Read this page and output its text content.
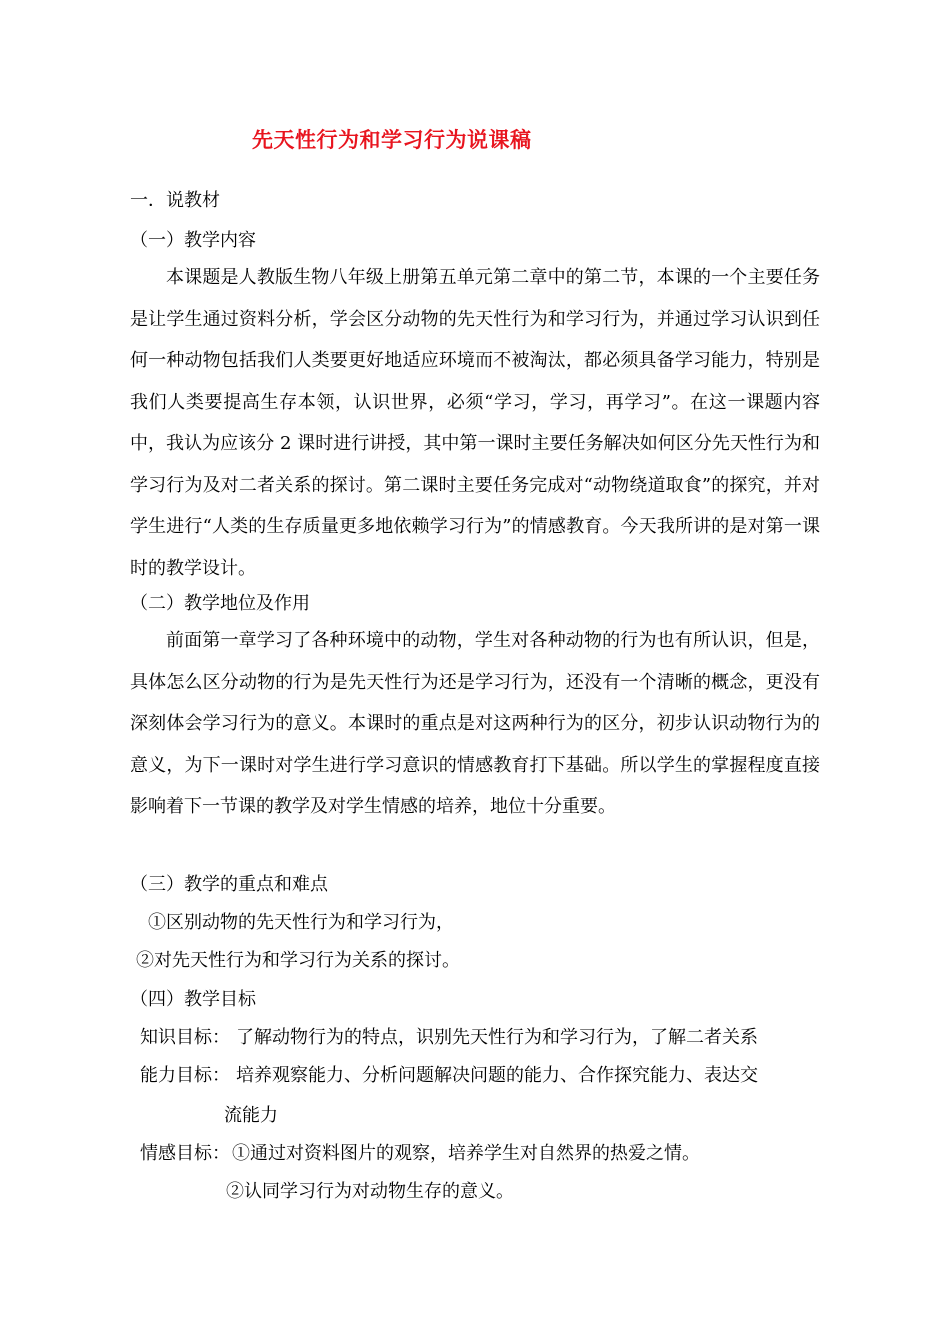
先天性行为和学习行为说课稿
一．说教材
（一）教学内容
本课题是人教版生物八年级上册第五单元第二章中的第二节，本课的一个主要任务是让学生通过资料分析，学会区分动物的先天性行为和学习行为，并通过学习认识到任何一种动物包括我们人类要更好地适应环境而不被淘汰，都必须具备学习能力，特别是我们人类要提高生存本领，认识世界，必须“学习，学习，再学习”。在这一课题内容中，我认为应该分 2 课时进行讲授，其中第一课时主要任务解决如何区分先天性行为和学习行为及对二者关系的探讨。第二课时主要任务完成对“动物绕道取食”的探究，并对学生进行“人类的生存质量更多地依赖学习行为”的情感教育。今天我所讲的是对第一课时的教学设计。
（二）教学地位及作用
前面第一章学习了各种环境中的动物，学生对各种动物的行为也有所认识，但是，具体怎么区分动物的行为是先天性行为还是学习行为，还没有一个清晰的概念，更没有深刻体会学习行为的意义。本课时的重点是对这两种行为的区分，初步认识动物行为的意义，为下一课时对学生进行学习意识的情感教育打下基础。所以学生的掌握程度直接影响着下一节课的教学及对学生情感的培养，地位十分重要。
（三）教学的重点和难点
①区别动物的先天性行为和学习行为，
②对先天性行为和学习行为关系的探讨。
（四）教学目标
知识目标： 了解动物行为的特点，识别先天性行为和学习行为，了解二者关系
能力目标： 培养观察能力、分析问题解决问题的能力、合作探究能力、表达交
流能力
情感目标： ①通过对资料图片的观察，培养学生对自然界的热爱之情。
②认同学习行为对动物生存的意义。
